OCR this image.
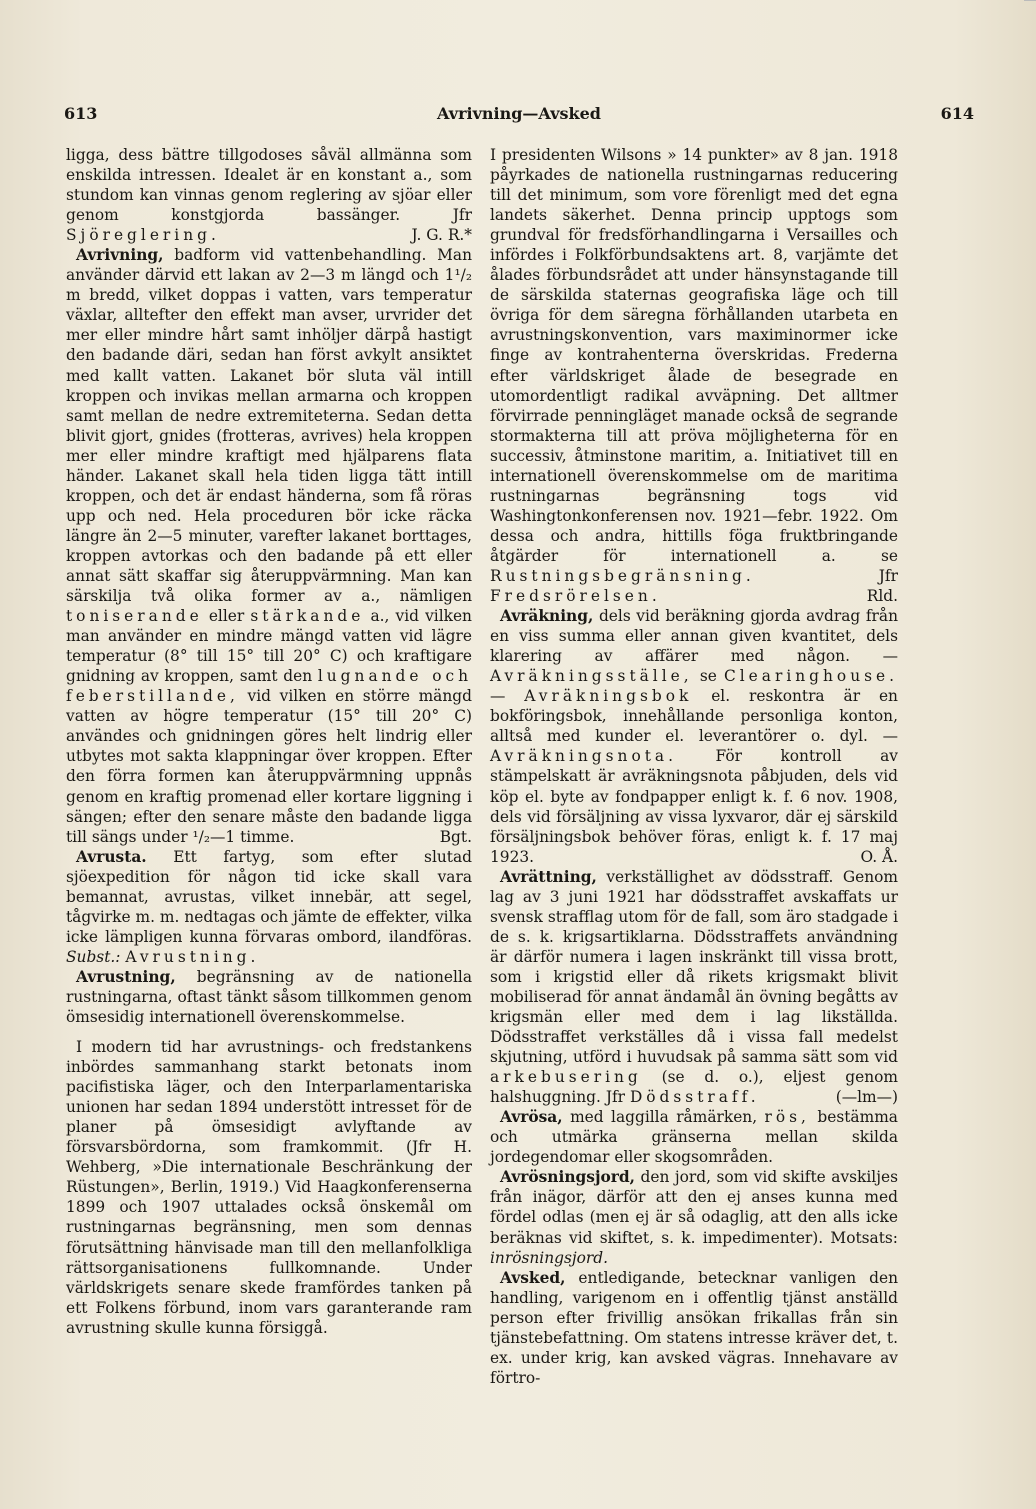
613	Avrivning—Avsked	614

ligga, dess bättre tillgodoses såväl allmänna som enskilda intressen. Idealet är en konstant a., som stundom kan vinnas genom reglering av sjöar eller genom konstgjorda bassänger. Jfr Sjöreglering.	J. G. R.*

Avrivning, badform vid vattenbehandling. Man använder därvid ett lakan av 2—3 m längd och 1¹/₂ m bredd, vilket doppas i vatten, vars temperatur växlar, alltefter den effekt man avser, urvrider det mer eller mindre hårt samt inhöljer därpå hastigt den badande däri, sedan han först avkylt ansiktet med kallt vatten. Lakanet bör sluta väl intill kroppen och invikas mellan armarna och kroppen samt mellan de nedre extremiteterna. Sedan detta blivit gjort, gnides (frotteras, avrives) hela kroppen mer eller mindre kraftigt med hjälparens flata händer. Lakanet skall hela tiden ligga tätt intill kroppen, och det är endast händerna, som få röras upp och ned. Hela proceduren bör icke räcka längre än 2—5 minuter, varefter lakanet borttages, kroppen avtorkas och den badande på ett eller annat sätt skaffar sig återuppvärmning. Man kan särskilja två olika former av a., nämligen toniserande eller stärkande a., vid vilken man använder en mindre mängd vatten vid lägre temperatur (8° till 15° till 20° C) och kraftigare gnidning av kroppen, samt den lugnande och feberstillande, vid vilken en större mängd vatten av högre temperatur (15° till 20° C) användes och gnidningen göres helt lindrig eller utbytes mot sakta klappningar över kroppen. Efter den förra formen kan återuppvärmning uppnås genom en kraftig promenad eller kortare liggning i sängen; efter den senare måste den badande ligga till sängs under ¹/₂—1 timme.	Bgt.

Avrusta. Ett fartyg, som efter slutad sjöexpedition för någon tid icke skall vara bemannat, avrustas, vilket innebär, att segel, tågvirke m. m. nedtagas och jämte de effekter, vilka icke lämpligen kunna förvaras ombord, ilandföras. Subst.: Avrustning.

Avrustning, begränsning av de nationella rustningarna, oftast tänkt såsom tillkommen genom ömsesidig internationell överenskommelse.

I modern tid har avrustnings- och fredstankens inbördes sammanhang starkt betonats inom pacifistiska läger, och den Interparlamentariska unionen har sedan 1894 understött intresset för de planer på ömsesidigt avlyftande av försvarsbördorna, som framkommit. (Jfr H. Wehberg, »Die internationale Beschränkung der Rüstungen», Berlin, 1919.) Vid Haagkonferenserna 1899 och 1907 uttalades också önskemål om rustningarnas begränsning, men som dennas förutsättning hänvisade man till den mellanfolkliga rättsorganisationens fullkomnande. Under världskrigets senare skede framfördes tanken på ett Folkens förbund, inom vars garanterande ram avrustning skulle kunna försiggå.

I presidenten Wilsons » 14 punkter» av 8 jan. 1918 påyrkades de nationella rustningarnas reducering till det minimum, som vore förenligt med det egna landets säkerhet. Denna princip upptogs som grundval för fredsförhandlingarna i Versailles och infördes i Folkförbundsaktens art. 8, varjämte det ålades förbundsrådet att under hänsynstagande till de särskilda staternas geografiska läge och till övriga för dem säregna förhållanden utarbeta en avrustningskonvention, vars maximinormer icke finge av kontrahenterna överskridas. Frederna efter världskriget ålade de besegrade en utomordentligt radikal avväpning. Det alltmer förvirrade penningläget manade också de segrande stormakterna till att pröva möjligheterna för en successiv, åtminstone maritim, a. Initiativet till en internationell överenskommelse om de maritima rustningarnas begränsning togs vid Washingtonkonferensen nov. 1921—febr. 1922. Om dessa och andra, hittills föga fruktbringande åtgärder för internationell a. se Rustningsbegränsning.	Jfr Fredsrörelsen.	Rld.

Avräkning, dels vid beräkning gjorda avdrag från en viss summa eller annan given kvantitet, dels klarering av affärer med någon. — Avräkningsställe, se Clearinghouse. — Avräkningsbok el. reskontra är en bokföringsbok, innehållande personliga konton, alltså med kunder el. leverantörer o. dyl. — Avräkningsnota.	För kontroll av stämpelskatt är avräkningsnota påbjuden, dels vid köp el. byte av fondpapper enligt k. f. 6 nov. 1908, dels vid försäljning av vissa lyxvaror, där ej särskild försäljningsbok behöver föras, enligt k. f. 17 maj 1923.	O. Å.

Avrättning, verkställighet av dödsstraff. Genom lag av 3 juni 1921 har dödsstraffet avskaffats ur svensk strafflag utom för de fall, som äro stadgade i de s. k. krigsartiklarna. Dödsstraffets användning är därför numera i lagen inskränkt till vissa brott, som i krigstid eller då rikets krigsmakt blivit mobiliserad för annat ändamål än övning begåtts av krigsmän eller med dem i lag likställda. Dödsstraffet verkställes då i vissa fall medelst skjutning, utförd i huvudsak på samma sätt som vid arkebusering (se d. o.), eljest genom halshuggning. Jfr Dödsstraff.	(—lm—)

Avrösa, med laggilla råmärken, rös, bestämma och utmärka gränserna mellan skilda jordegendomar eller skogsområden.

Avrösningsjord, den jord, som vid skifte avskiljes från inägor, därför att den ej anses kunna med fördel odlas (men ej är så odaglig, att den alls icke beräknas vid skiftet, s. k. impedimenter). Motsats: inrösningsjord.

Avsked, entledigande, betecknar vanligen den handling, varigenom en i offentlig tjänst anställd person efter frivillig ansökan frikallas från sin tjänstebefattning. Om statens intresse kräver det, t. ex. under krig, kan avsked vägras. Innehavare av förtro-
